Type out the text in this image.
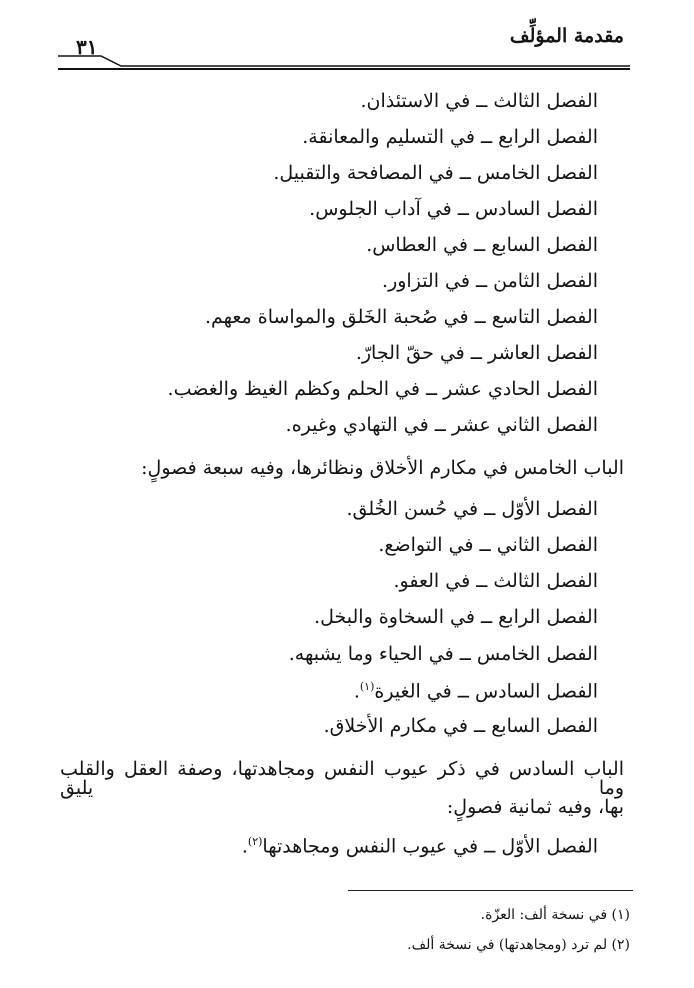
مقدمة المؤلِّف
٣١
الفصل الثالث ــ في الاستئذان.
الفصل الرابع ــ في التسليم والمعانقة.
الفصل الخامس ــ في المصافحة والتقبيل.
الفصل السادس ــ في آداب الجلوس.
الفصل السابع ــ في العطاس.
الفصل الثامن ــ في التزاور.
الفصل التاسع ــ في صُحبة الخَلق والمواساة معهم.
الفصل العاشر ــ في حقّ الجارّ.
الفصل الحادي عشر ــ في الحلم وكظم الغيظ والغضب.
الفصل الثاني عشر ــ في التهادي وغيره.
الباب الخامس في مكارم الأخلاق ونظائرها، وفيه سبعة فصولٍ:
الفصل الأوّل ــ في حُسن الخُلق.
الفصل الثاني ــ في التواضع.
الفصل الثالث ــ في العفو.
الفصل الرابع ــ في السخاوة والبخل.
الفصل الخامس ــ في الحياء وما يشبهه.
الفصل السادس ــ في الغيرة$^{(١)}$.
الفصل السابع ــ في مكارم الأخلاق.
الباب السادس في ذكر عيوب النفس ومجاهدتها، وصفة العقل والقلب وما يليق
بها، وفيه ثمانية فصولٍ:
الفصل الأوّل ــ في عيوب النفس ومجاهدتها$^{(٢)}$.
(١) في نسخة ألف: العزّة.
(٢) لم ترد (ومجاهدتها) في نسخة ألف.
